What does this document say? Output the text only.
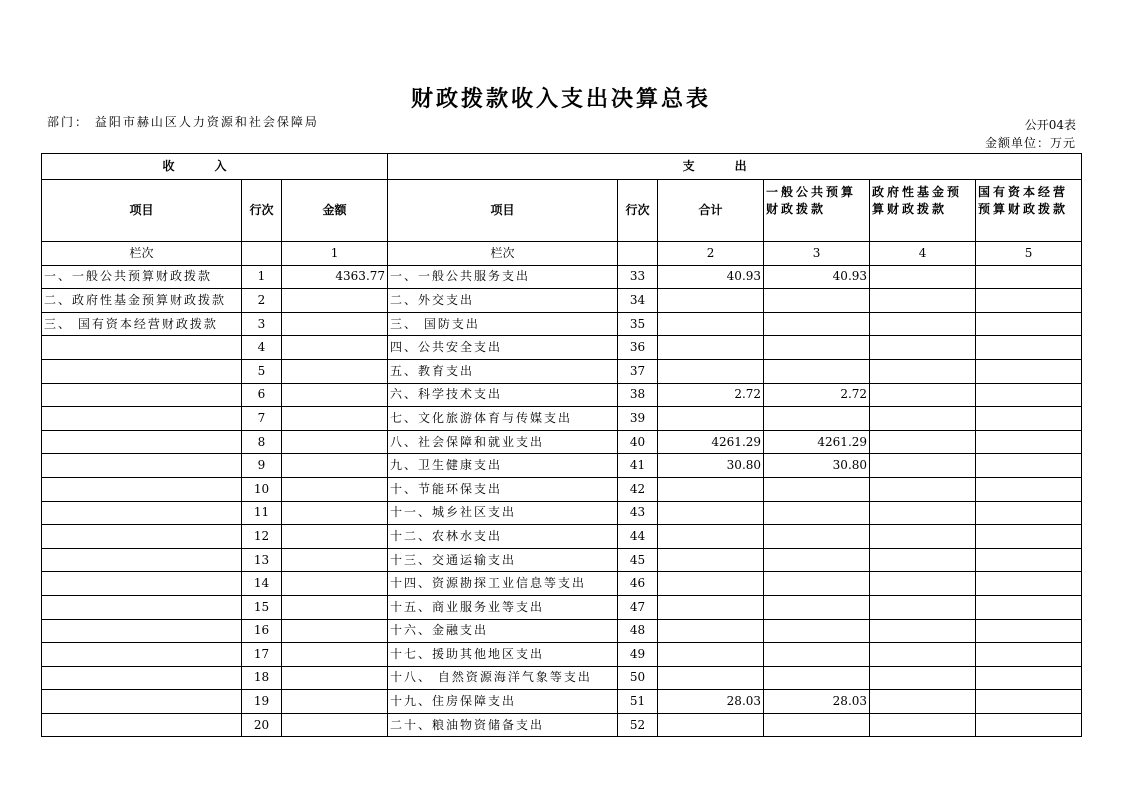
财政拨款收入支出决算总表
部门： 益阳市赫山区人力资源和社会保障局	公开04表
金额单位：万元
收入			支出					
项目	行次	金额	项目	行次	合计	一般公共预算 财政拨款	政府性基金预 算财政拨款	国有资本经营 预算财政拨款
栏次		1	栏次		2	3	4	5
一、一般公共预算财政拨款	1	4363.77	一、一般公共服务支出	33	40.93	40.93		
二、政府性基金预算财政拨款	2		二、外交支出	34				
三、 国有资本经营财政拨款	3		三、 国防支出	35				
	4		四、公共安全支出	36				
	5		五、教育支出	37				
	6		六、科学技术支出	38	2.72	2.72		
	7		七、文化旅游体育与传媒支出	39				
	8		八、社会保障和就业支出	40	4261.29	4261.29		
	9		九、卫生健康支出	41	30.80	30.80		
	10		十、节能环保支出	42				
	11		十一、城乡社区支出	43				
	12		十二、农林水支出	44				
	13		十三、交通运输支出	45				
	14		十四、资源勘探工业信息等支出	46				
	15		十五、商业服务业等支出	47				
	16		十六、金融支出	48				
	17		十七、援助其他地区支出	49				
	18		十八、 自然资源海洋气象等支出	50				
	19		十九、住房保障支出	51	28.03	28.03		
	20		二十、粮油物资储备支出	52				
